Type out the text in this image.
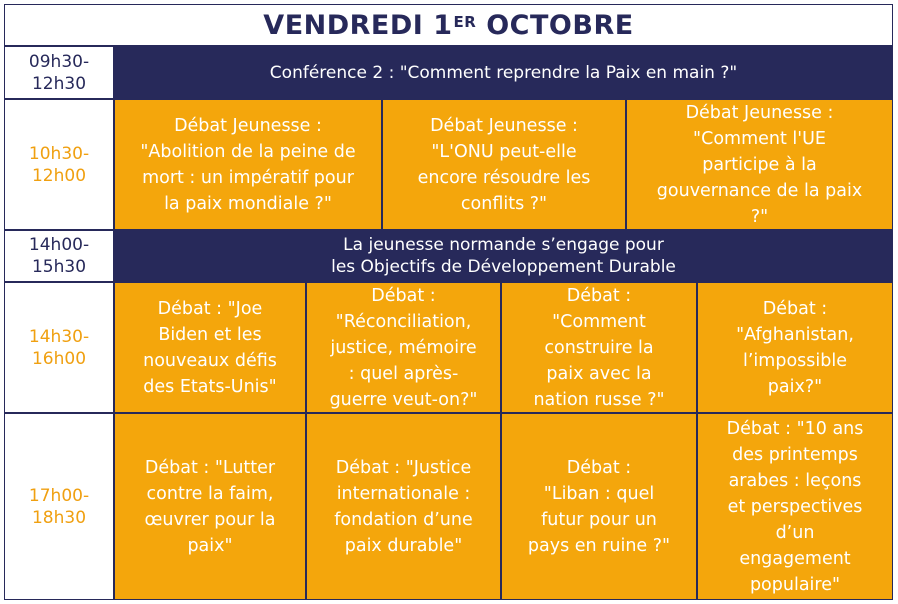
VENDREDI 1ER
OCTOBRE
09h30-
12h30
Conférence 2 : "Comment reprendre la Paix en main ?"
10h30-
12h00
Débat Jeunesse :
"Abolition de la peine de
mort : un impératif pour
la paix mondiale ?"
Débat Jeunesse :
"L'ONU peut-elle
encore résoudre les
conflits ?"
Débat Jeunesse :
"Comment l'UE
participe à la
gouvernance de la paix
?"
14h00-
15h30
La jeunesse normande s’engage pour
les Objectifs de Développement Durable
14h30-
16h00
Débat : "Joe
Biden et les
nouveaux défis
des Etats-Unis"
Débat :
"Réconciliation,
justice, mémoire
: quel après-
guerre veut-on?"
Débat :
"Comment
construire la
paix avec la
nation russe ?"
Débat :
"Afghanistan,
l’impossible
paix?"
17h00-
18h30
Débat : "Lutter
contre la faim,
œuvrer pour la
paix"
Débat : "Justice
internationale :
fondation d’une
paix durable"
Débat :
"Liban : quel
futur pour un
pays en ruine ?"
Débat : "10 ans
des printemps
arabes : leçons
et perspectives
d’un
engagement
populaire"
